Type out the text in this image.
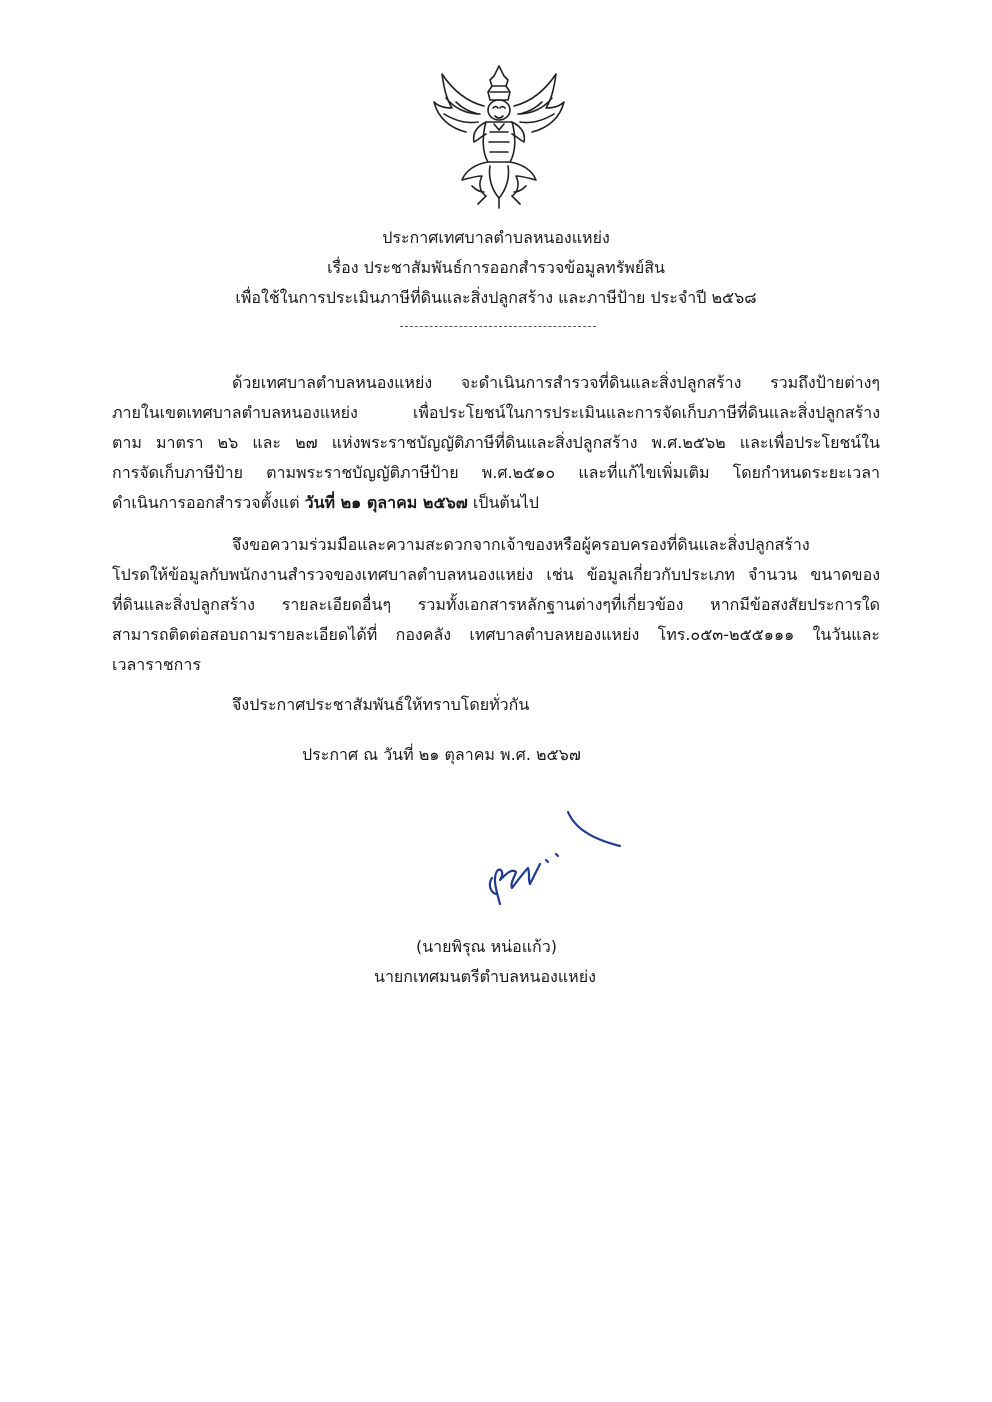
ประกาศเทศบาลตำบลหนองแหย่ง
เรื่อง ประชาสัมพันธ์การออกสำรวจข้อมูลทรัพย์สิน
เพื่อใช้ในการประเมินภาษีที่ดินและสิ่งปลูกสร้าง และภาษีป้าย ประจำปี ๒๕๖๘
ด้วยเทศบาลตำบลหนองแหย่ง จะดำเนินการสำรวจที่ดินและสิ่งปลูกสร้าง รวมถึงป้ายต่างๆ
ภายในเขตเทศบาลตำบลหนองแหย่ง เพื่อประโยชน์ในการประเมินและการจัดเก็บภาษีที่ดินและสิ่งปลูกสร้าง
ตาม มาตรา ๒๖ และ ๒๗ แห่งพระราชบัญญัติภาษีที่ดินและสิ่งปลูกสร้าง พ.ศ.๒๕๖๒ และเพื่อประโยชน์ใน
การจัดเก็บภาษีป้าย ตามพระราชบัญญัติภาษีป้าย พ.ศ.๒๕๑๐ และที่แก้ไขเพิ่มเติม โดยกำหนดระยะเวลา
ดำเนินการออกสำรวจตั้งแต่ วันที่ ๒๑ ตุลาคม ๒๕๖๗ เป็นต้นไป
จึงขอความร่วมมือและความสะดวกจากเจ้าของหรือผู้ครอบครองที่ดินและสิ่งปลูกสร้าง
โปรดให้ข้อมูลกับพนักงานสำรวจของเทศบาลตำบลหนองแหย่ง เช่น ข้อมูลเกี่ยวกับประเภท จำนวน ขนาดของ
ที่ดินและสิ่งปลูกสร้าง รายละเอียดอื่นๆ รวมทั้งเอกสารหลักฐานต่างๆที่เกี่ยวข้อง หากมีข้อสงสัยประการใด
สามารถติดต่อสอบถามรายละเอียดได้ที่ กองคลัง เทศบาลตำบลหยองแหย่ง โทร.๐๕๓-๒๕๕๑๑๑ ในวันและ
เวลาราชการ
จึงประกาศประชาสัมพันธ์ให้ทราบโดยทั่วกัน
ประกาศ ณ วันที่ ๒๑ ตุลาคม พ.ศ. ๒๕๖๗
(นายพิรุณ หน่อแก้ว)
นายกเทศมนตรีตำบลหนองแหย่ง
